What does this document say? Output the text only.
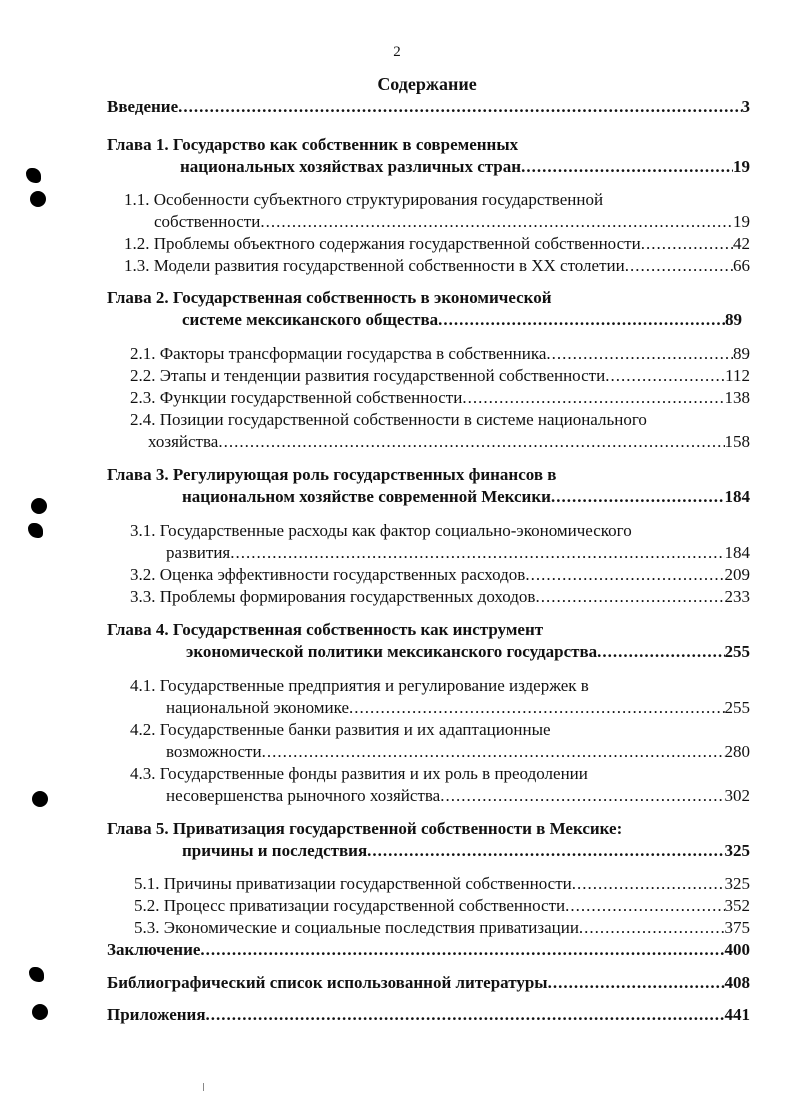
2
Содержание
Введение .....	3
Глава 1. Государство как собственник в современных
национальных хозяйствах различных стран .....	19
1.1. Особенности субъектного структурирования государственной
собственности .....	19
1.2. Проблемы объектного содержания государственной собственности .....	42
1.3. Модели развития государственной собственности в XX столетии .....	66
Глава 2. Государственная собственность в экономической
системе мексиканского общества .....	89
2.1. Факторы трансформации государства в собственника .....	89
2.2. Этапы и тенденции развития государственной собственности .....	112
2.3. Функции государственной собственности .....	138
2.4. Позиции государственной собственности в системе национального
хозяйства .....	158
Глава 3. Регулирующая роль государственных финансов в
национальном хозяйстве современной Мексики .....	184
3.1. Государственные расходы как фактор социально-экономического
развития .....	184
3.2. Оценка эффективности государственных расходов .....	209
3.3. Проблемы формирования государственных доходов .....	233
Глава 4. Государственная собственность как инструмент
экономической политики мексиканского государства .....	255
4.1. Государственные предприятия и регулирование издержек в
национальной экономике .....	255
4.2. Государственные банки развития и их адаптационные
возможности .....	280
4.3. Государственные фонды развития и их роль в преодолении
несовершенства рыночного хозяйства .....	302
Глава 5. Приватизация государственной собственности в Мексике:
причины и последствия .....	325
5.1. Причины приватизации государственной собственности .....	325
5.2. Процесс приватизации государственной собственности .....	352
5.3. Экономические и социальные последствия приватизации .....	375
Заключение .....	400
Библиографический список использованной литературы .....	408
Приложения .....	441
